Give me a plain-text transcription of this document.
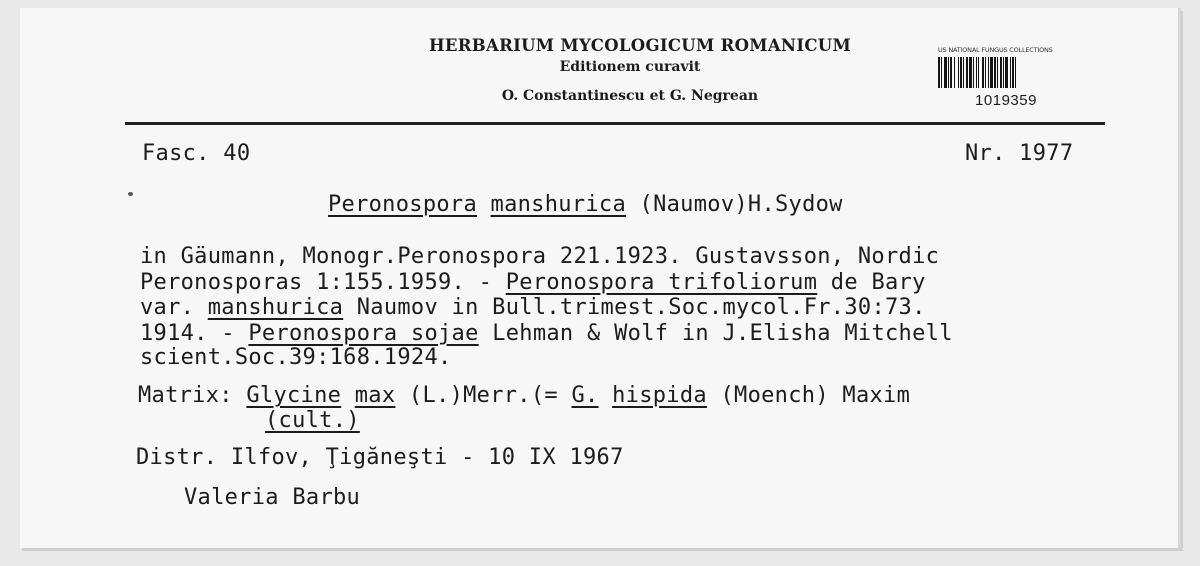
HERBARIUM MYCOLOGICUM ROMANICUM
Editionem curavit
O. Constantinescu et G. Negrean
US NATIONAL FUNGUS COLLECTIONS
1019359
Fasc. 40	Nr. 1977
Peronospora manshurica (Naumov)H.Sydow
in Gäumann, Monogr.Peronospora 221.1923. Gustavsson, Nordic
Peronosporas 1:155.1959. - Peronospora trifoliorum de Bary
var. manshurica Naumov in Bull.trimest.Soc.mycol.Fr.30:73.
1914. - Peronospora sojae Lehman & Wolf in J.Elisha Mitchell
scient.Soc.39:168.1924.
Matrix: Glycine max (L.)Merr.(= G. hispida (Moench) Maxim
(cult.)
Distr. Ilfov, Ţigăneşti - 10 IX 1967
Valeria Barbu
